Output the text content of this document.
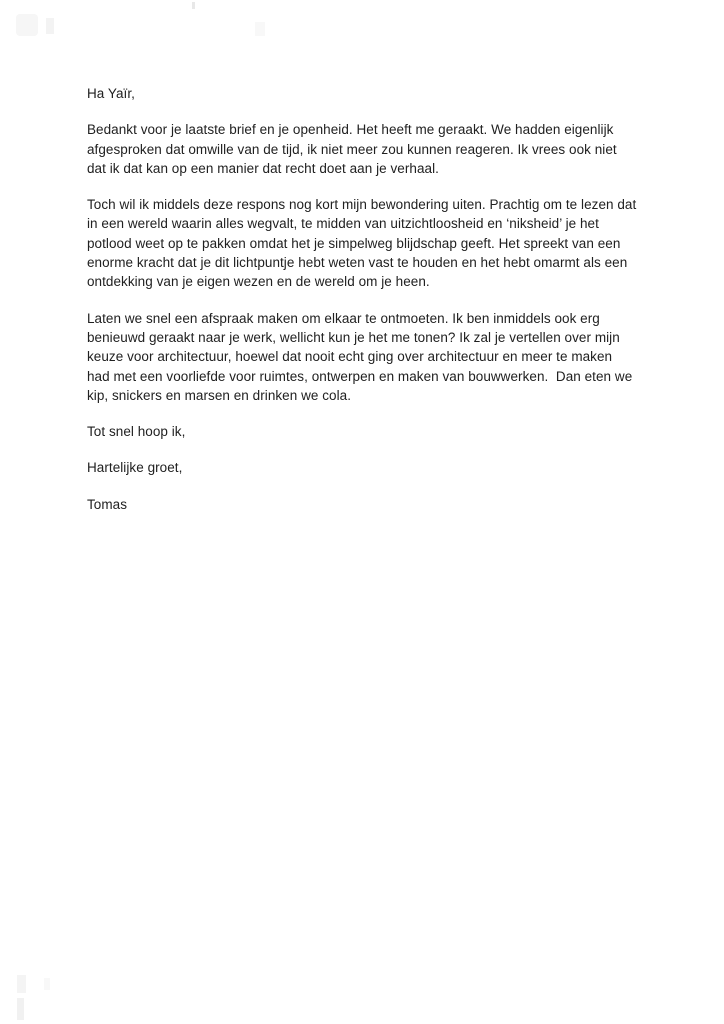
Ha Yaïr,

Bedankt voor je laatste brief en je openheid. Het heeft me geraakt. We hadden eigenlijk afgesproken dat omwille van de tijd, ik niet meer zou kunnen reageren. Ik vrees ook niet dat ik dat kan op een manier dat recht doet aan je verhaal.

Toch wil ik middels deze respons nog kort mijn bewondering uiten. Prachtig om te lezen dat in een wereld waarin alles wegvalt, te midden van uitzichtloosheid en ‘niksheid’ je het potlood weet op te pakken omdat het je simpelweg blijdschap geeft. Het spreekt van een enorme kracht dat je dit lichtpuntje hebt weten vast te houden en het hebt omarmt als een ontdekking van je eigen wezen en de wereld om je heen.

Laten we snel een afspraak maken om elkaar te ontmoeten. Ik ben inmiddels ook erg benieuwd geraakt naar je werk, wellicht kun je het me tonen? Ik zal je vertellen over mijn keuze voor architectuur, hoewel dat nooit echt ging over architectuur en meer te maken had met een voorliefde voor ruimtes, ontwerpen en maken van bouwwerken.  Dan eten we kip, snickers en marsen en drinken we cola.

Tot snel hoop ik,

Hartelijke groet,

Tomas
